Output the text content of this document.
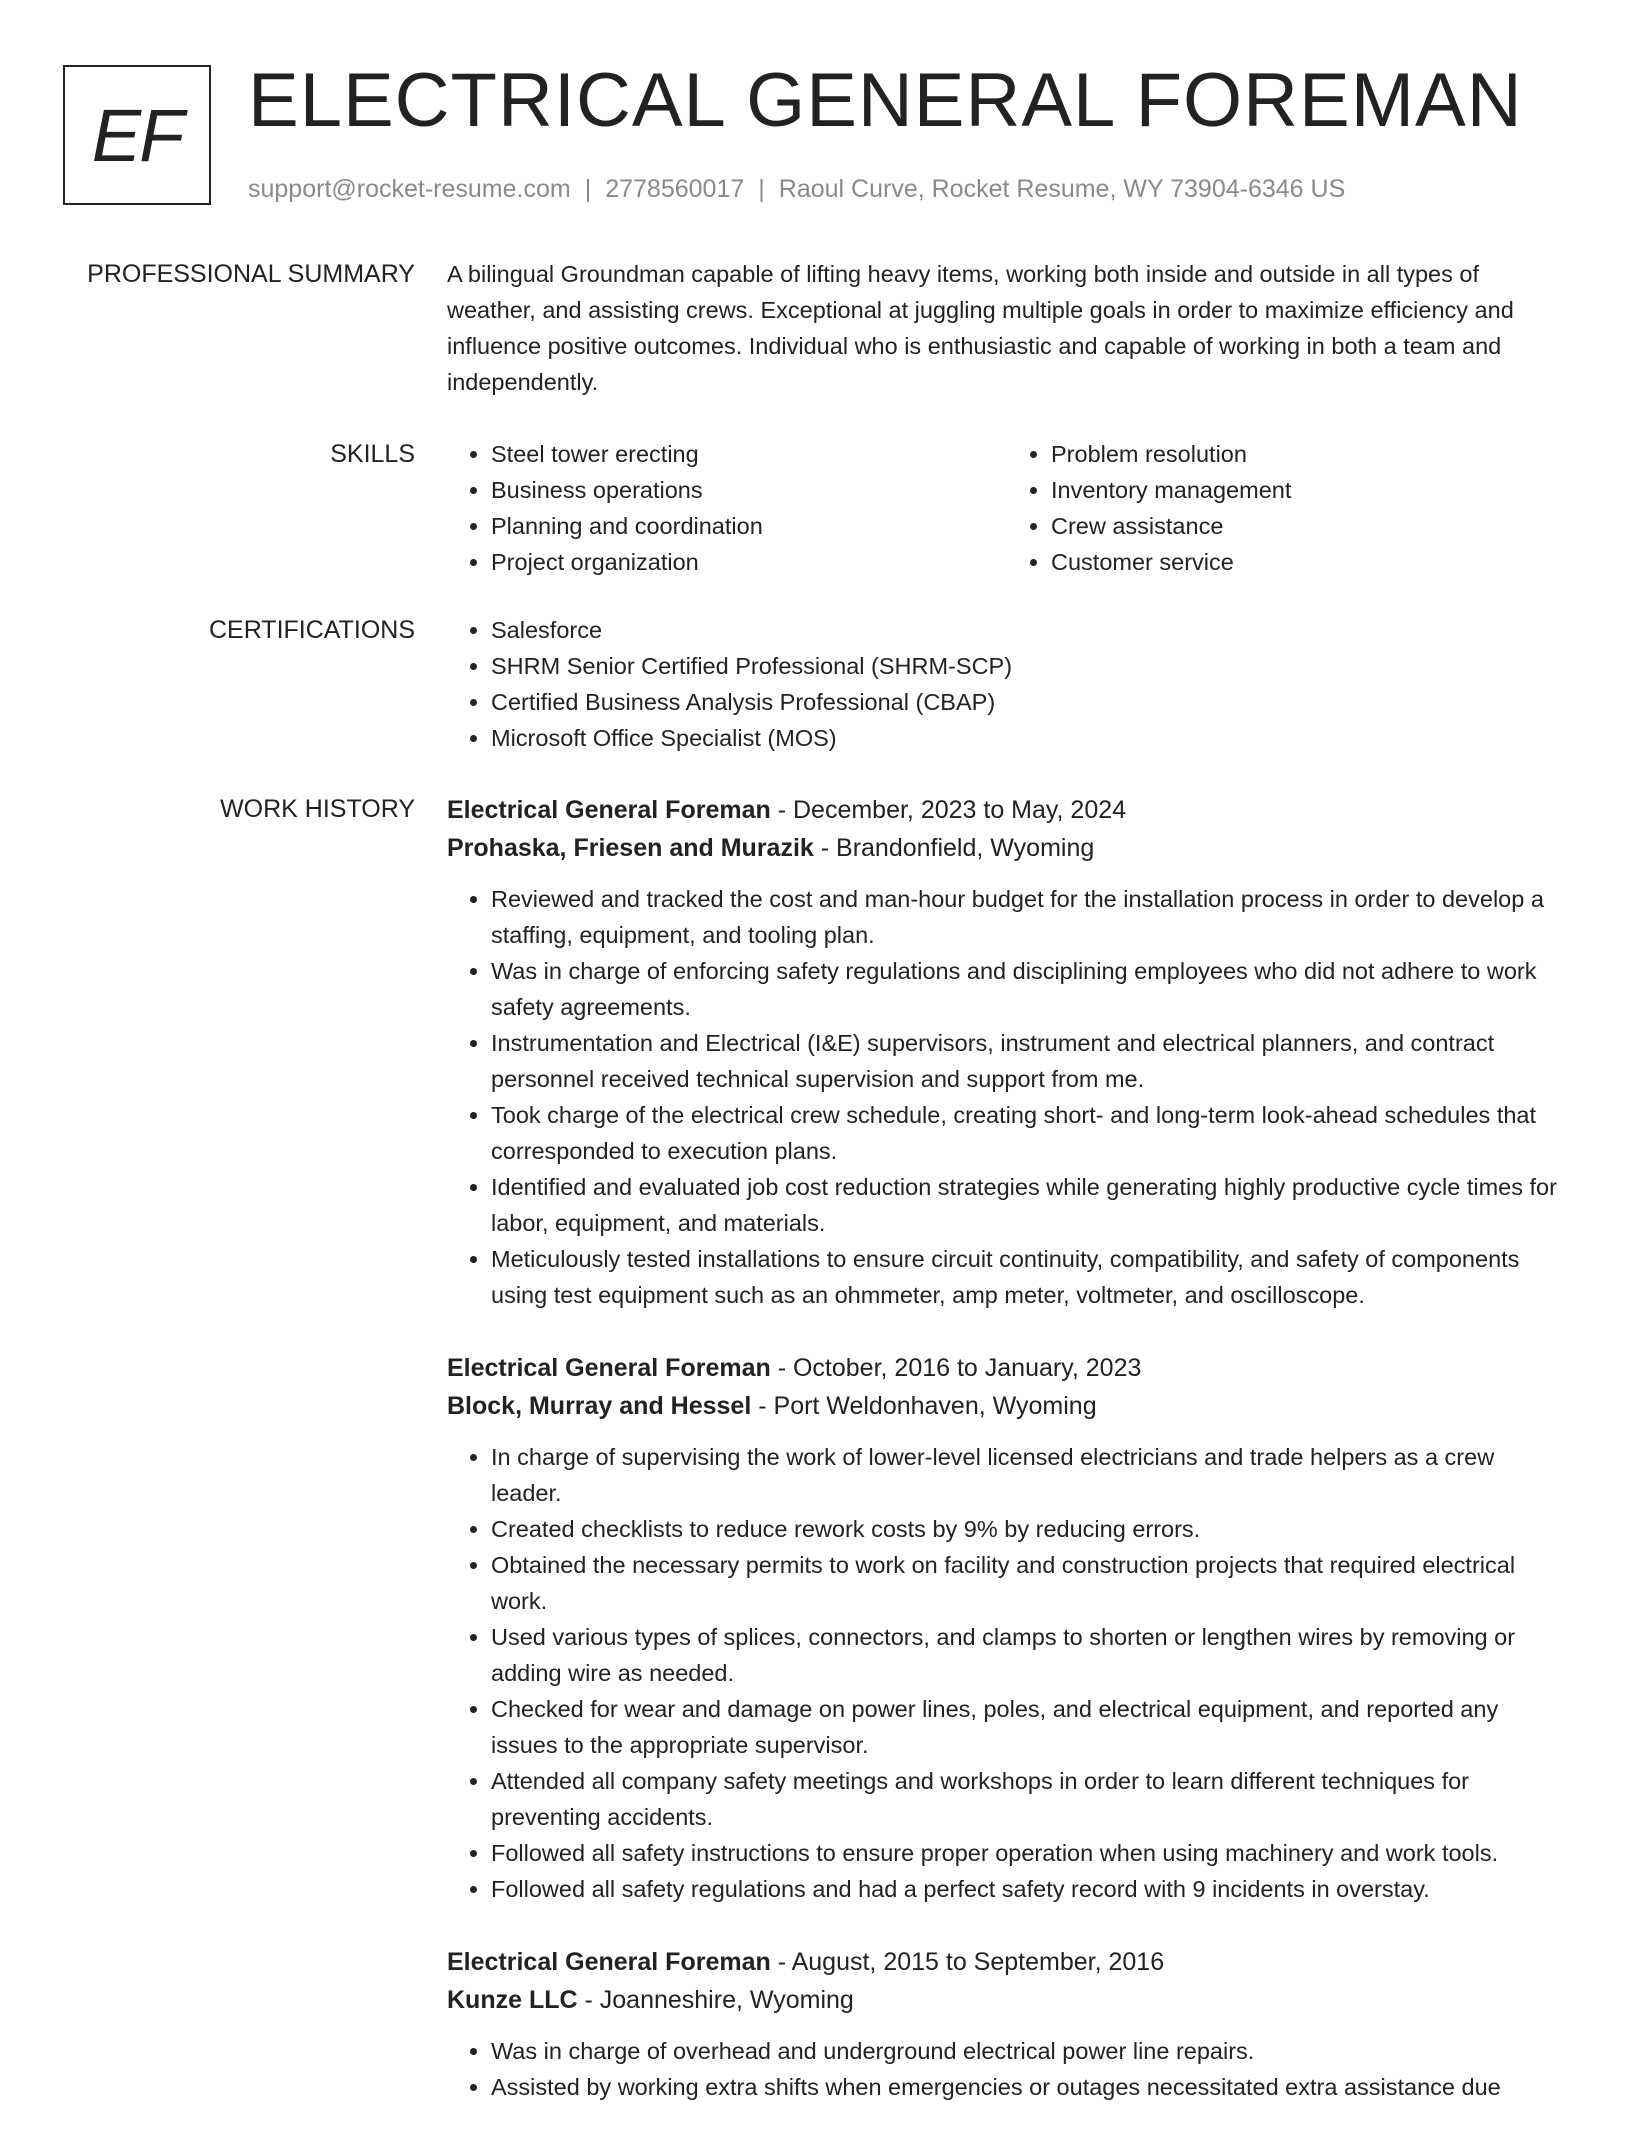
EF ELECTRICAL GENERAL FOREMAN
support@rocket-resume.com | 2778560017 | Raoul Curve, Rocket Resume, WY 73904-6346 US
PROFESSIONAL SUMMARY A bilingual Groundman capable of lifting heavy items, working both inside and outside in all types of weather, and assisting crews. Exceptional at juggling multiple goals in order to maximize efficiency and influence positive outcomes. Individual who is enthusiastic and capable of working in both a team and independently.

SKILLS	• Steel tower erecting
• Business operations
• Planning and coordination
• Project organization
• Problem resolution
• Inventory management
• Crew assistance
• Customer service
CERTIFICATIONS	• Salesforce
• SHRM Senior Certified Professional (SHRM-SCP)
• Certified Business Analysis Professional (CBAP)
• Microsoft Office Specialist (MOS)
WORK HISTORY Electrical General Foreman - December, 2023 to May, 2024
Prohaska, Friesen and Murazik - Brandonfield, Wyoming
• Reviewed and tracked the cost and man-hour budget for the installation process in order to develop a staffing, equipment, and tooling plan.
• Was in charge of enforcing safety regulations and disciplining employees who did not adhere to work safety agreements.
• Instrumentation and Electrical (I&E) supervisors, instrument and electrical planners, and contract personnel received technical supervision and support from me.
• Took charge of the electrical crew schedule, creating short- and long-term look-ahead schedules that corresponded to execution plans.
• Identified and evaluated job cost reduction strategies while generating highly productive cycle times for labor, equipment, and materials.
• Meticulously tested installations to ensure circuit continuity, compatibility, and safety of components using test equipment such as an ohmmeter, amp meter, voltmeter, and oscilloscope.
Electrical General Foreman - October, 2016 to January, 2023
Block, Murray and Hessel - Port Weldonhaven, Wyoming
• In charge of supervising the work of lower-level licensed electricians and trade helpers as a crew leader.
• Created checklists to reduce rework costs by 9% by reducing errors.
• Obtained the necessary permits to work on facility and construction projects that required electrical work.
• Used various types of splices, connectors, and clamps to shorten or lengthen wires by removing or adding wire as needed.
• Checked for wear and damage on power lines, poles, and electrical equipment, and reported any issues to the appropriate supervisor.
• Attended all company safety meetings and workshops in order to learn different techniques for preventing accidents.
• Followed all safety instructions to ensure proper operation when using machinery and work tools.
• Followed all safety regulations and had a perfect safety record with 9 incidents in overstay.
Electrical General Foreman - August, 2015 to September, 2016
Kunze LLC - Joanneshire, Wyoming
• Was in charge of overhead and underground electrical power line repairs.
• Assisted by working extra shifts when emergencies or outages necessitated extra assistance due
